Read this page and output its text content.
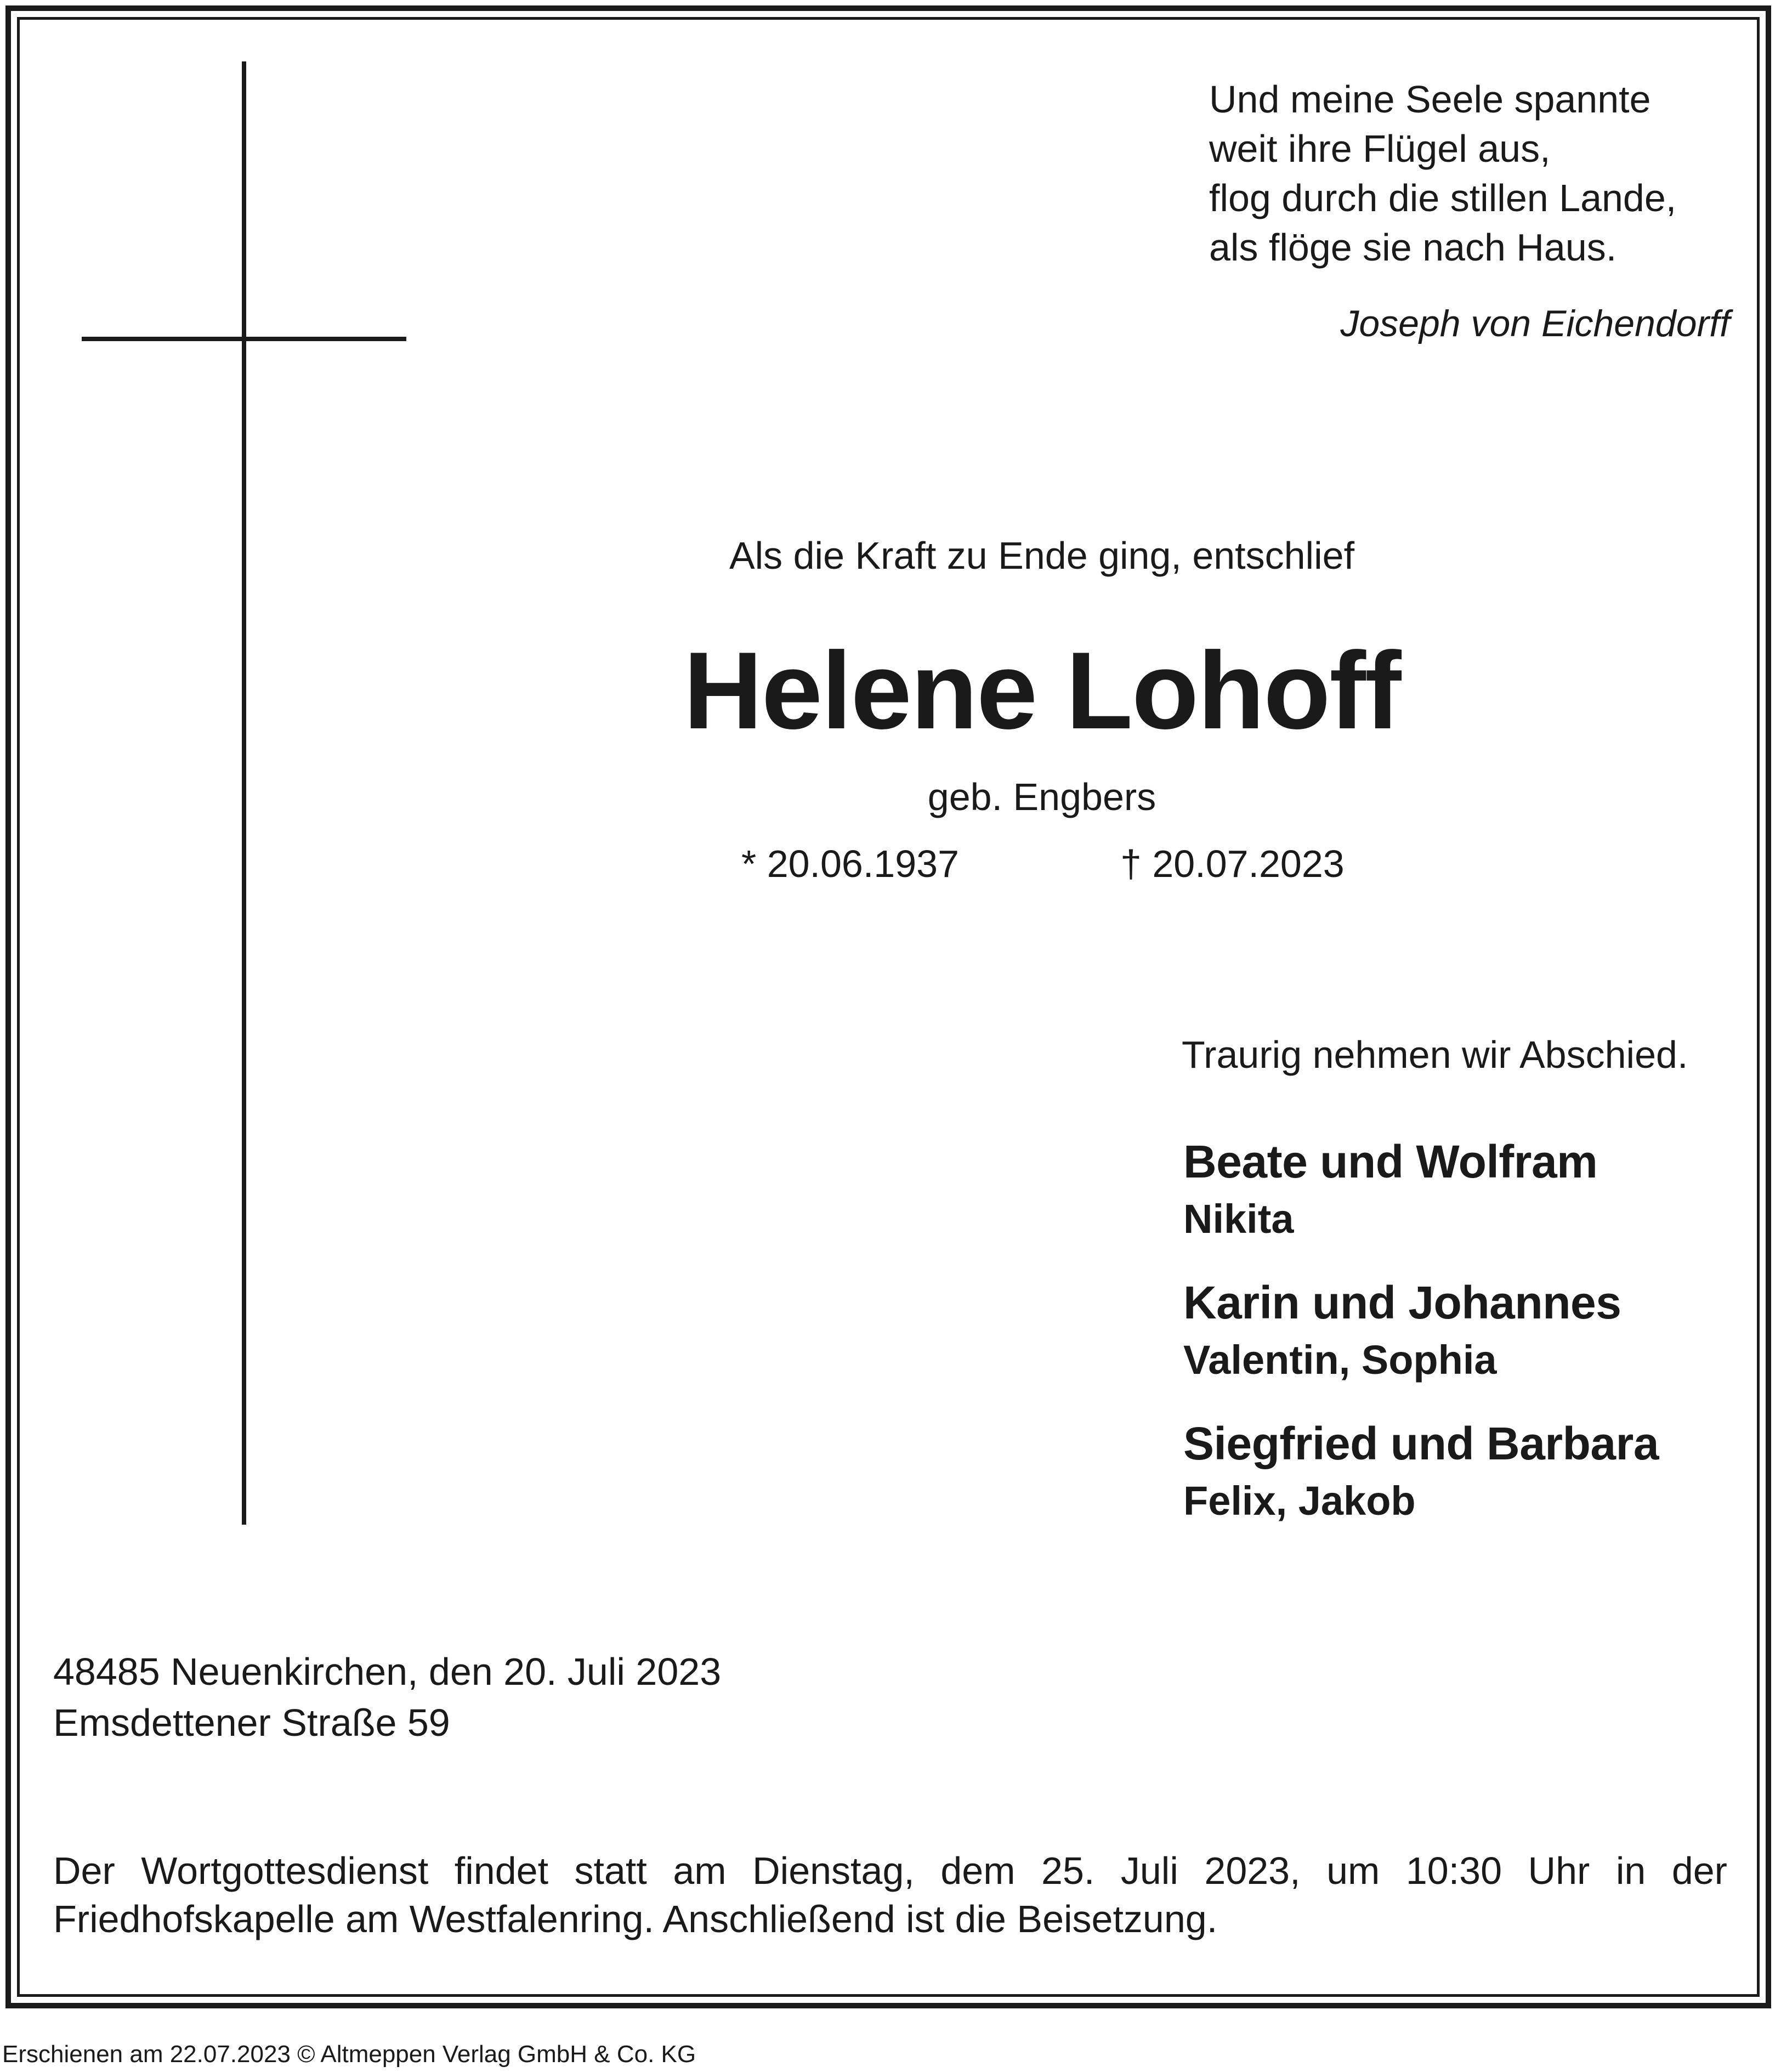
Und meine Seele spannte
weit ihre Flügel aus,
flog durch die stillen Lande,
als flöge sie nach Haus.
Joseph von Eichendorff
Als die Kraft zu Ende ging, entschlief
Helene Lohoff
geb. Engbers
* 20.06.1937	† 20.07.2023
Traurig nehmen wir Abschied.
Beate und Wolfram
Nikita
Karin und Johannes
Valentin, Sophia
Siegfried und Barbara
Felix, Jakob
48485 Neuenkirchen, den 20. Juli 2023
Emsdettener Straße 59
Der Wortgottesdienst findet statt am Dienstag, dem 25. Juli 2023, um 10:30 Uhr in der
Friedhofskapelle am Westfalenring. Anschließend ist die Beisetzung.
Erschienen am 22.07.2023 © Altmeppen Verlag GmbH & Co. KG
